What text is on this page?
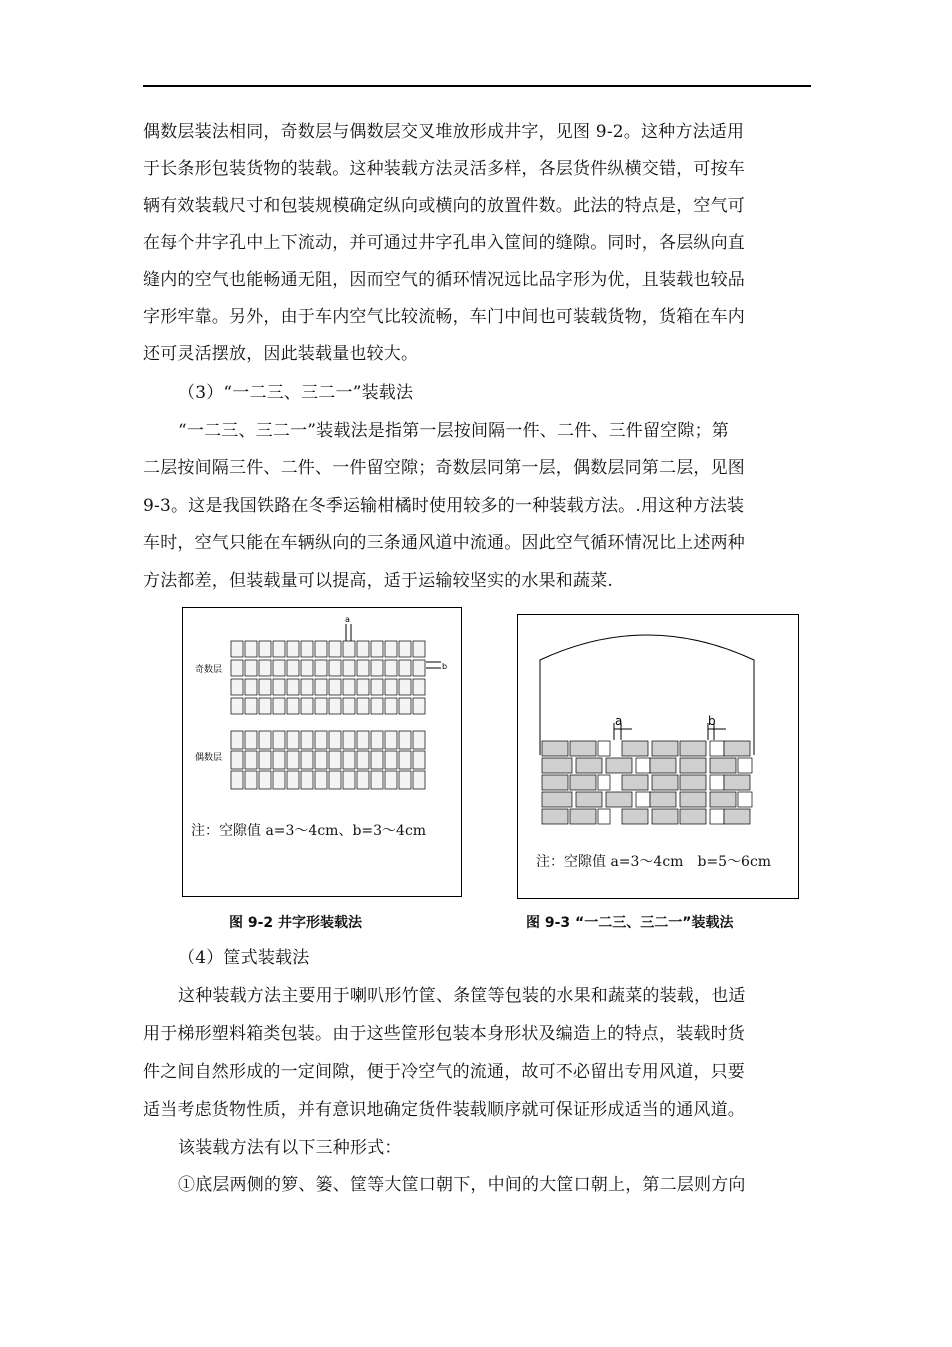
偶数层装法相同，奇数层与偶数层交叉堆放形成井字，见图 9-2。这种方法适用
于长条形包装货物的装载。这种装载方法灵活多样，各层货件纵横交错，可按车
辆有效装载尺寸和包装规模确定纵向或横向的放置件数。此法的特点是，空气可
在每个井字孔中上下流动，并可通过井字孔串入筐间的缝隙。同时，各层纵向直
缝内的空气也能畅通无阻，因而空气的循环情况远比品字形为优，且装载也较品
字形牢靠。另外，由于车内空气比较流畅，车门中间也可装载货物，货箱在车内
还可灵活摆放，因此装载量也较大。
（3）“一二三、三二一”装载法
“一二三、三二一”装载法是指第一层按间隔一件、二件、三件留空隙；第
二层按间隔三件、二件、一件留空隙；奇数层同第一层，偶数层同第二层，见图
9-3。这是我国铁路在冬季运输柑橘时使用较多的一种装载方法。.用这种方法装
车时，空气只能在车辆纵向的三条通风道中流通。因此空气循环情况比上述两种
方法都差，但装载量可以提高，适于运输较坚实的水果和蔬菜.
a
b
奇数层
偶数层
注：空隙值 a=3～4cm、b=3～4cm
图 9-2 井字形装载法
a	b
注：空隙值 a=3～4cm　b=5～6cm
图 9-3 “一二三、三二一”装载法
（4）筐式装载法
这种装载方法主要用于喇叭形竹筐、条筐等包装的水果和蔬菜的装载，也适
用于梯形塑料箱类包装。由于这些筐形包装本身形状及编造上的特点，装载时货
件之间自然形成的一定间隙，便于冷空气的流通，故可不必留出专用风道，只要
适当考虑货物性质，并有意识地确定货件装载顺序就可保证形成适当的通风道。
该装载方法有以下三种形式：
①底层两侧的箩、篓、筐等大筐口朝下，中间的大筐口朝上，第二层则方向
